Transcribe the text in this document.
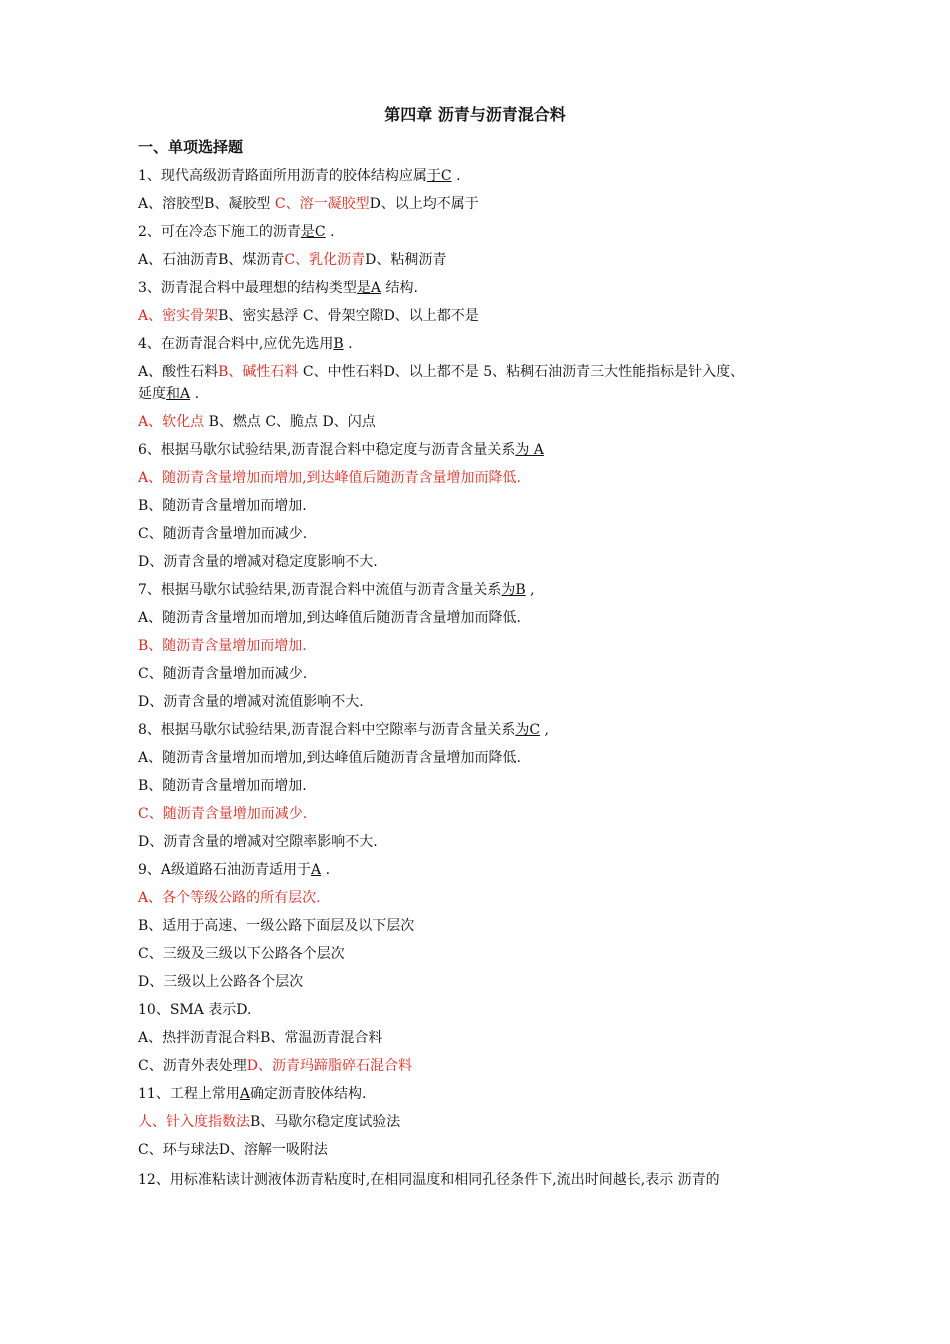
第四章 沥青与沥青混合料
一、单项选择题
1、现代高级沥青路面所用沥青的胶体结构应属于C .
A、溶胶型B、凝胶型 C、溶一凝胶型D、以上均不属于
2、可在冷态下施工的沥青是C .
A、石油沥青B、煤沥青C、乳化沥青D、粘稠沥青
3、沥青混合料中最理想的结构类型是A 结构.
A、密实骨架B、密实悬浮 C、骨架空隙D、以上都不是
4、在沥青混合料中,应优先选用B .
A、酸性石料B、碱性石料 C、中性石料D、以上都不是 5、粘稠石油沥青三大性能指标是针入度、
延度和A .
A、软化点 B、燃点 C、脆点 D、闪点
6、根据马歇尔试验结果,沥青混合料中稳定度与沥青含量关系为 A
A、随沥青含量增加而增加,到达峰值后随沥青含量增加而降低.
B、随沥青含量增加而增加.
C、随沥青含量增加而减少.
D、沥青含量的增减对稳定度影响不大.
7、根据马歇尔试验结果,沥青混合料中流值与沥青含量关系为B ,
A、随沥青含量增加而增加,到达峰值后随沥青含量增加而降低.
B、随沥青含量增加而增加.
C、随沥青含量增加而减少.
D、沥青含量的增减对流值影响不大.
8、根据马歇尔试验结果,沥青混合料中空隙率与沥青含量关系为C ,
A、随沥青含量增加而增加,到达峰值后随沥青含量增加而降低.
B、随沥青含量增加而增加.
C、随沥青含量增加而减少.
D、沥青含量的增减对空隙率影响不大.
9、A级道路石油沥青适用于A .
A、各个等级公路的所有层次.
B、适用于高速、一级公路下面层及以下层次
C、三级及三级以下公路各个层次
D、三级以上公路各个层次
10、SMA 表示D.
A、热拌沥青混合料B、常温沥青混合料
C、沥青外表处理D、沥青玛蹄脂碎石混合料
11、工程上常用A确定沥青胶体结构.
人、针入度指数法B、马歇尔稳定度试验法
C、环与球法D、溶解一吸附法
12、用标准粘读计测液体沥青粘度时,在相同温度和相同孔径条件下,流出时间越长,表示 沥青的
